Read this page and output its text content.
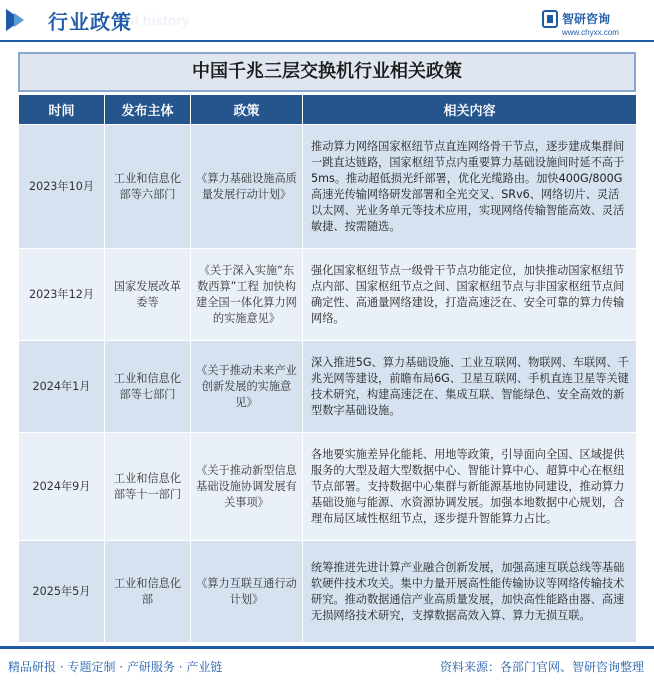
ent history
行业政策	智研咨询
www.chyxx.com
中国千兆三层交换机行业相关政策
时间	发布主体	政策	相关内容
2023年10月	工业和信息化部等六部门	《算力基础设施高质量发展行动计划》	推动算力网络国家枢纽节点直连网络骨干节点，逐步建成集群间一跳直达链路，国家枢纽节点内重要算力基础设施间时延不高于5ms。推动超低损光纤部署，优化光缆路由。加快400G/800G高速光传输网络研发部署和全光交叉、SRv6、网络切片、灵活以太网、光业务单元等技术应用，实现网络传输智能高效、灵活敏捷、按需随选。
2023年12月	国家发展改革委等	《关于深入实施“东数西算”工程 加快构建全国一体化算力网的实施意见》	强化国家枢纽节点一级骨干节点功能定位，加快推动国家枢纽节点内部、国家枢纽节点之间、国家枢纽节点与非国家枢纽节点间确定性、高通量网络建设，打造高速泛在、安全可靠的算力传输网络。
2024年1月	工业和信息化部等七部门	《关于推动未来产业创新发展的实施意见》	深入推进5G、算力基础设施、工业互联网、物联网、车联网、千兆光网等建设，前瞻布局6G、卫星互联网、手机直连卫星等关键技术研究，构建高速泛在、集成互联、智能绿色、安全高效的新型数字基础设施。
2024年9月	工业和信息化部等十一部门	《关于推动新型信息基础设施协调发展有关事项》	各地要实施差异化能耗、用地等政策，引导面向全国、区域提供服务的大型及超大型数据中心、智能计算中心、超算中心在枢纽节点部署。支持数据中心集群与新能源基地协同建设，推动算力基础设施与能源、水资源协调发展。加强本地数据中心规划，合理布局区域性枢纽节点，逐步提升智能算力占比。
2025年5月	工业和信息化部	《算力互联互通行动计划》	统筹推进先进计算产业融合创新发展，加强高速互联总线等基础软硬件技术攻关。集中力量开展高性能传输协议等网络传输技术研究。推动数据通信产业高质量发展，加快高性能路由器、高速无损网络技术研究，支撑数据高效入算、算力无损互联。
精品研报 · 专题定制 · 产研服务 · 产业链	资料来源：各部门官网、智研咨询整理
